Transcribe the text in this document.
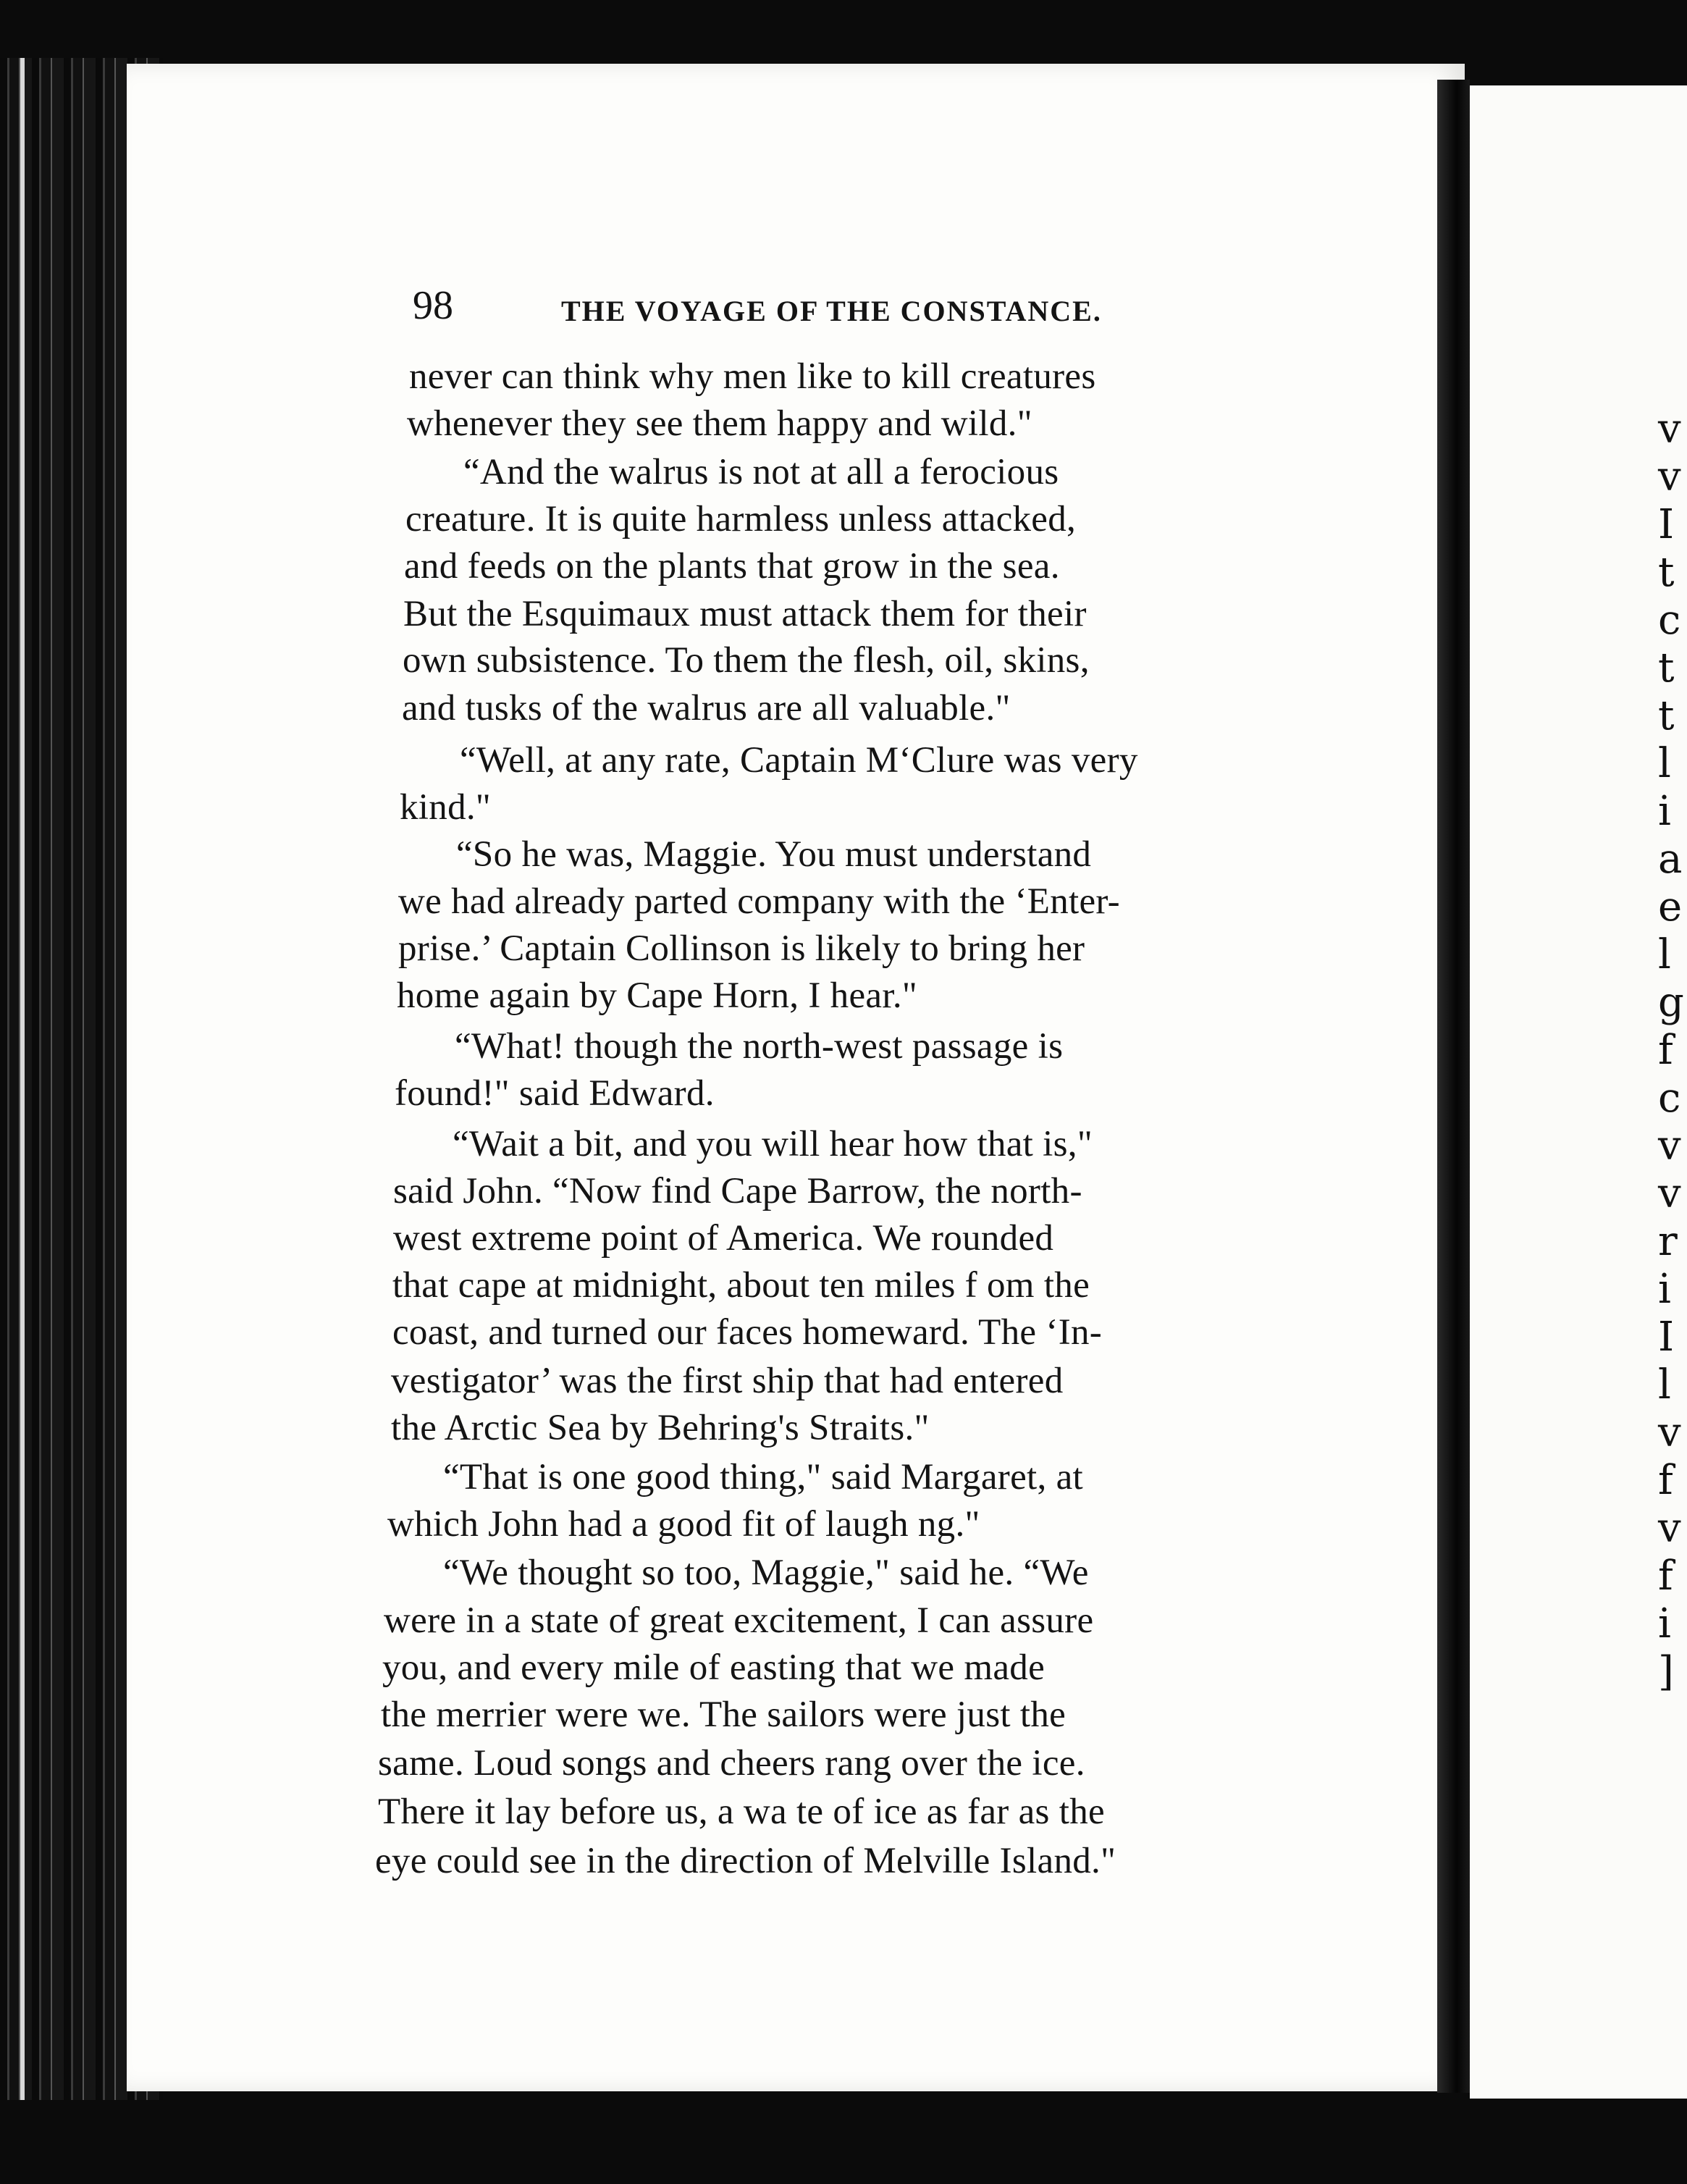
v
v
I
t
c
t
t
l
i
a
e
l
g
f
c
v
v
r
i
I
l
v
f
v
f
i
]
98	THE VOYAGE OF THE CONSTANCE.
never can think why men like to kill creatures
whenever they see them happy and wild."
“And the walrus is not at all a ferocious
creature. It is quite harmless unless attacked,
and feeds on the plants that grow in the sea.
But the Esquimaux must attack them for their
own subsistence. To them the flesh, oil, skins,
and tusks of the walrus are all valuable."
“Well, at any rate, Captain M‘Clure was very
kind."
“So he was, Maggie. You must understand
we had already parted company with the ‘Enter-
prise.’ Captain Collinson is likely to bring her
home again by Cape Horn, I hear."
“What! though the north-west passage is
found!" said Edward.
“Wait a bit, and you will hear how that is,"
said John. “Now find Cape Barrow, the north-
west extreme point of America. We rounded
that cape at midnight, about ten miles f om the
coast, and turned our faces homeward. The ‘In-
vestigator’ was the first ship that had entered
the Arctic Sea by Behring's Straits."
“That is one good thing," said Margaret, at
which John had a good fit of laugh ng."
“We thought so too, Maggie," said he. “We
were in a state of great excitement, I can assure
you, and every mile of easting that we made
the merrier were we. The sailors were just the
same. Loud songs and cheers rang over the ice.
There it lay before us, a wa te of ice as far as the
eye could see in the direction of Melville Island."
